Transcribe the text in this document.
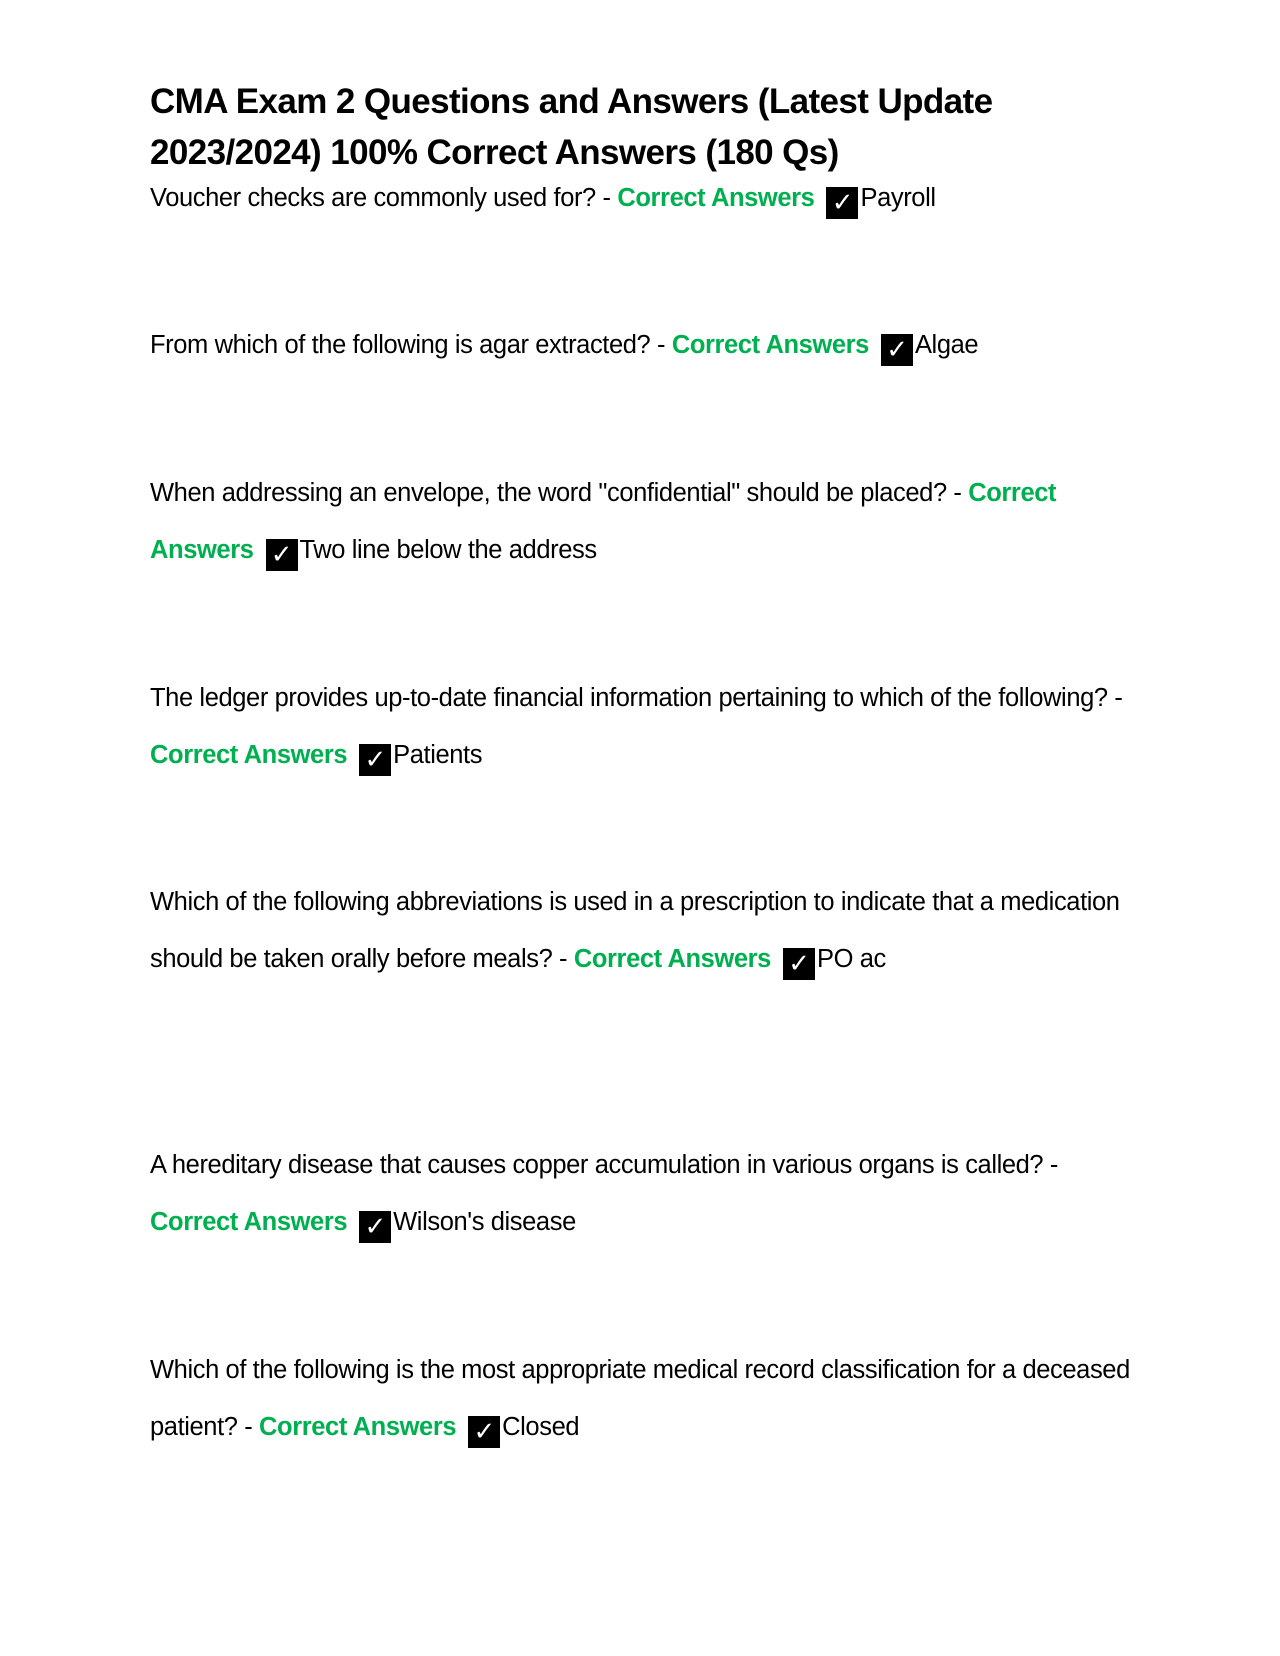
CMA Exam 2 Questions and Answers (Latest Update 2023/2024) 100% Correct Answers (180 Qs)
Voucher checks are commonly used for? - Correct Answers ✓ Payroll
From which of the following is agar extracted? - Correct Answers ✓ Algae
When addressing an envelope, the word "confidential" should be placed? - Correct Answers ✓ Two line below the address
The ledger provides up-to-date financial information pertaining to which of the following? - Correct Answers ✓ Patients
Which of the following abbreviations is used in a prescription to indicate that a medication should be taken orally before meals? - Correct Answers ✓ PO ac
A hereditary disease that causes copper accumulation in various organs is called? - Correct Answers ✓ Wilson's disease
Which of the following is the most appropriate medical record classification for a deceased patient? - Correct Answers ✓ Closed
